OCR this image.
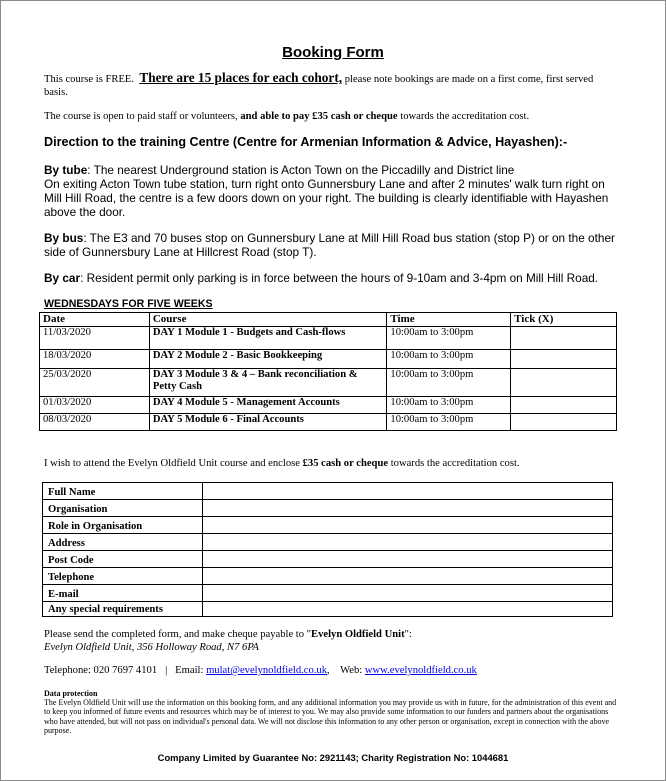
Booking Form
This course is FREE. There are 15 places for each cohort, please note bookings are made on a first come, first served basis.
The course is open to paid staff or volunteers, and able to pay £35 cash or cheque towards the accreditation cost.
Direction to the training Centre (Centre for Armenian Information & Advice, Hayashen):-
By tube: The nearest Underground station is Acton Town on the Piccadilly and District line
On exiting Acton Town tube station, turn right onto Gunnersbury Lane and after 2 minutes' walk turn right on Mill Hill Road, the centre is a few doors down on your right. The building is clearly identifiable with Hayashen above the door.
By bus: The E3 and 70 buses stop on Gunnersbury Lane at Mill Hill Road bus station (stop P) or on the other side of Gunnersbury Lane at Hillcrest Road (stop T).
By car: Resident permit only parking is in force between the hours of 9-10am and 3-4pm on Mill Hill Road.
WEDNESDAYS FOR FIVE WEEKS
Date	Course	Time	Tick (X)
11/03/2020	DAY 1 Module 1 - Budgets and Cash-flows	10:00am to 3:00pm	
18/03/2020	DAY 2 Module 2 - Basic Bookkeeping	10:00am to 3:00pm	
25/03/2020	DAY 3 Module 3 & 4 – Bank reconciliation & Petty Cash	10:00am to 3:00pm	
01/03/2020	DAY 4 Module 5 - Management Accounts	10:00am to 3:00pm	
08/03/2020	DAY 5 Module 6 - Final Accounts	10:00am to 3:00pm	
I wish to attend the Evelyn Oldfield Unit course and enclose £35 cash or cheque towards the accreditation cost.
Full Name	
Organisation	
Role in Organisation	
Address	
Post Code	
Telephone	
E-mail	
Any special requirements	
Please send the completed form, and make cheque payable to "Evelyn Oldfield Unit":
Evelyn Oldfield Unit, 356 Holloway Road, N7 6PA
Telephone: 020 7697 4101 | Email: mulat@evelynoldfield.co.uk,    Web: www.evelynoldfield.co.uk
Data protection
The Evelyn Oldfield Unit will use the information on this booking form, and any additional information you may provide us with in future, for the administration of this event and to keep you informed of future events and resources which may be of interest to you. We may also provide some information to our funders and partners about the organisations who have attended, but will not pass on individual's personal data. We will not disclose this information to any other person or organisation, except in connection with the above purpose.
Company Limited by Guarantee No: 2921143; Charity Registration No: 1044681
